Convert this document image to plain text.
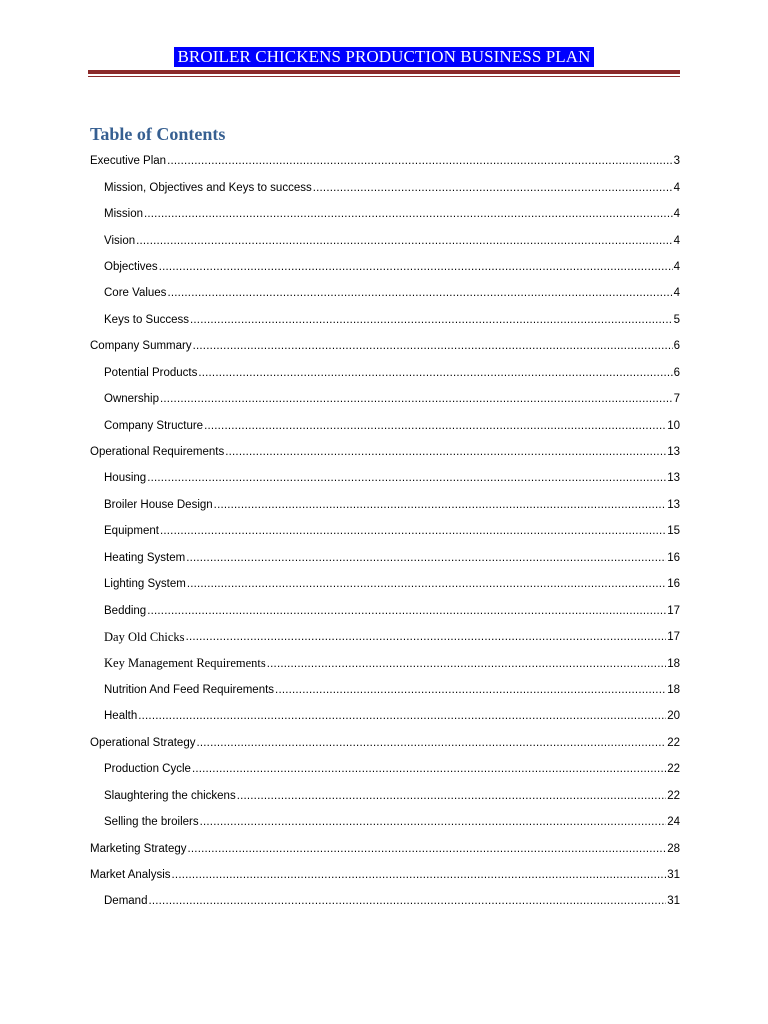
BROILER CHICKENS PRODUCTION BUSINESS PLAN
Table of Contents
Executive Plan .....	3
Mission, Objectives and Keys to success .....	4
Mission .....	4
Vision .....	4
Objectives .....	4
Core Values .....	4
Keys to Success .....	5
Company Summary .....	6
Potential Products .....	6
Ownership .....	7
Company Structure .....	10
Operational Requirements .....	13
Housing .....	13
Broiler House Design .....	13
Equipment .....	15
Heating System .....	16
Lighting System .....	16
Bedding .....	17
Day Old Chicks .....	17
Key Management Requirements .....	18
Nutrition And Feed Requirements .....	18
Health .....	20
Operational Strategy .....	22
Production Cycle .....	22
Slaughtering the chickens .....	22
Selling the broilers .....	24
Marketing Strategy .....	28
Market Analysis .....	31
Demand .....	31
